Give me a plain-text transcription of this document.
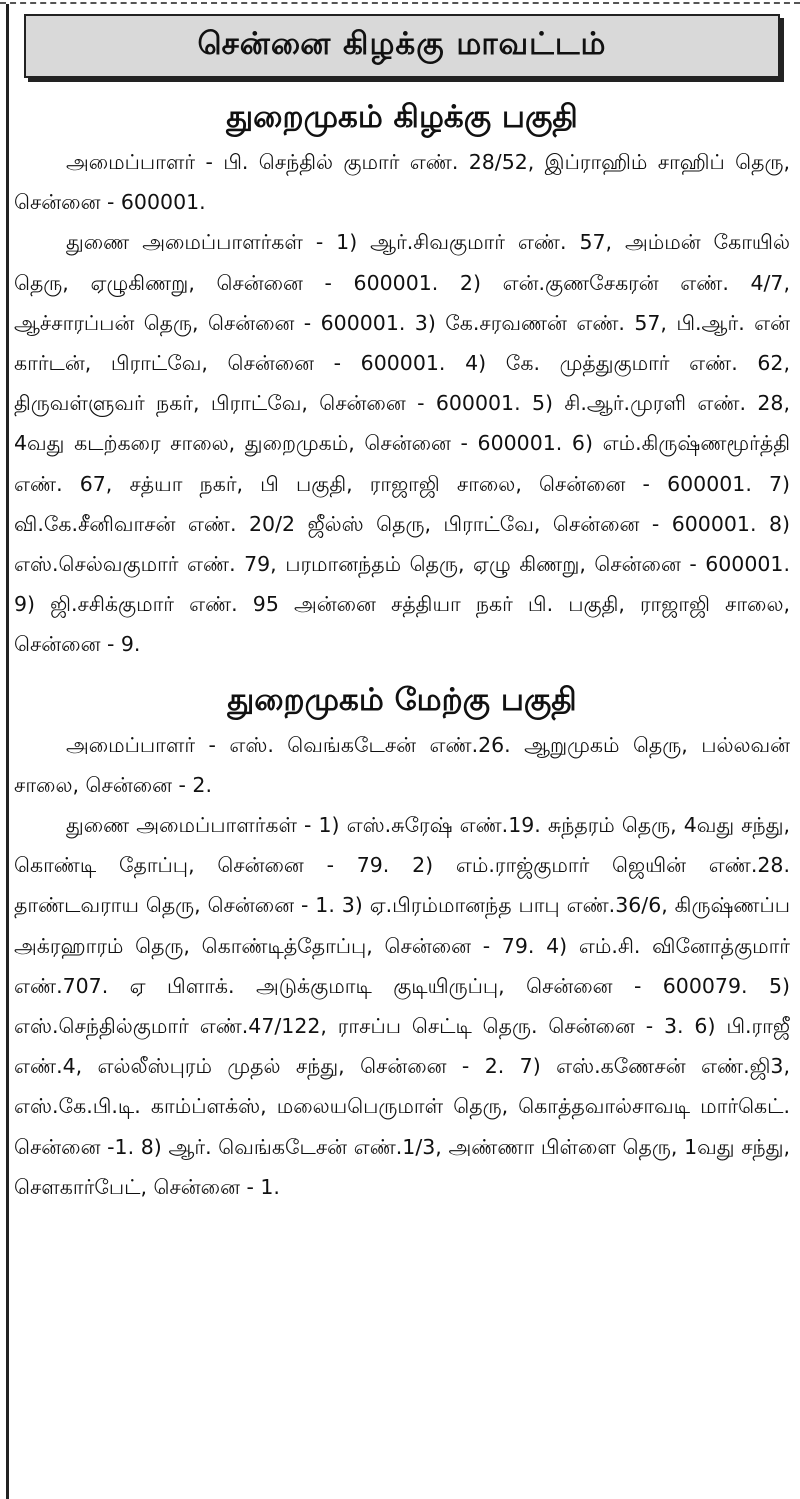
சென்னை கிழக்கு மாவட்டம்
துறைமுகம் கிழக்கு பகுதி

அமைப்பாளர் - பி. செந்தில் குமார் எண். 28/52, இப்ராஹிம் சாஹிப் தெரு, சென்னை - 600001.

துணை அமைப்பாளர்கள் - 1) ஆர்.சிவகுமார் எண். 57, அம்மன் கோயில் தெரு, ஏழுகிணறு, சென்னை - 600001. 2) என்.குணசேகரன் எண். 4/7, ஆச்சாரப்பன் தெரு, சென்னை - 600001. 3) கே.சரவணன் எண். 57, பி.ஆர். என் கார்டன், பிராட்வே, சென்னை - 600001. 4) கே. முத்துகுமார் எண். 62, திருவள்ளுவர் நகர், பிராட்வே, சென்னை - 600001. 5) சி.ஆர்.முரளி எண். 28, 4வது கடற்கரை சாலை, துறைமுகம், சென்னை - 600001. 6) எம்.கிருஷ்ணமூர்த்தி எண். 67, சத்யா நகர், பி பகுதி, ராஜாஜி சாலை, சென்னை - 600001. 7) வி.கே.சீனிவாசன் எண். 20/2 ஜீல்ஸ் தெரு, பிராட்வே, சென்னை - 600001. 8) எஸ்.செல்வகுமார் எண். 79, பரமானந்தம் தெரு, ஏழு கிணறு, சென்னை - 600001. 9) ஜி.சசிக்குமார் எண். 95 அன்னை சத்தியா நகர் பி. பகுதி, ராஜாஜி சாலை, சென்னை - 9.

துறைமுகம் மேற்கு பகுதி

அமைப்பாளர் - எஸ். வெங்கடேசன் எண்.26. ஆறுமுகம் தெரு, பல்லவன் சாலை, சென்னை - 2.

துணை அமைப்பாளர்கள் - 1) எஸ்.சுரேஷ் எண்.19. சுந்தரம் தெரு, 4வது சந்து, கொண்டி தோப்பு, சென்னை - 79. 2) எம்.ராஜ்குமார் ஜெயின் எண்.28. தாண்டவராய தெரு, சென்னை - 1. 3) ஏ.பிரம்மானந்த பாபு எண்.36/6, கிருஷ்ணப்ப அக்ரஹாரம் தெரு, கொண்டித்தோப்பு, சென்னை - 79. 4) எம்.சி. வினோத்குமார் எண்.707. ஏ பிளாக். அடுக்குமாடி குடியிருப்பு, சென்னை - 600079. 5) எஸ்.செந்தில்குமார் எண்.47/122, ராசப்ப செட்டி தெரு. சென்னை - 3. 6) பி.ராஜீ எண்.4, எல்லீஸ்புரம் முதல் சந்து, சென்னை - 2. 7) எஸ்.கணேசன் எண்.ஜி3, எஸ்.கே.பி.டி. காம்ப்ளக்ஸ், மலையபெருமாள் தெரு, கொத்தவால்சாவடி மார்கெட். சென்னை -1. 8) ஆர். வெங்கடேசன் எண்.1/3, அண்ணா பிள்ளை தெரு, 1வது சந்து, சௌகார்பேட், சென்னை - 1.
